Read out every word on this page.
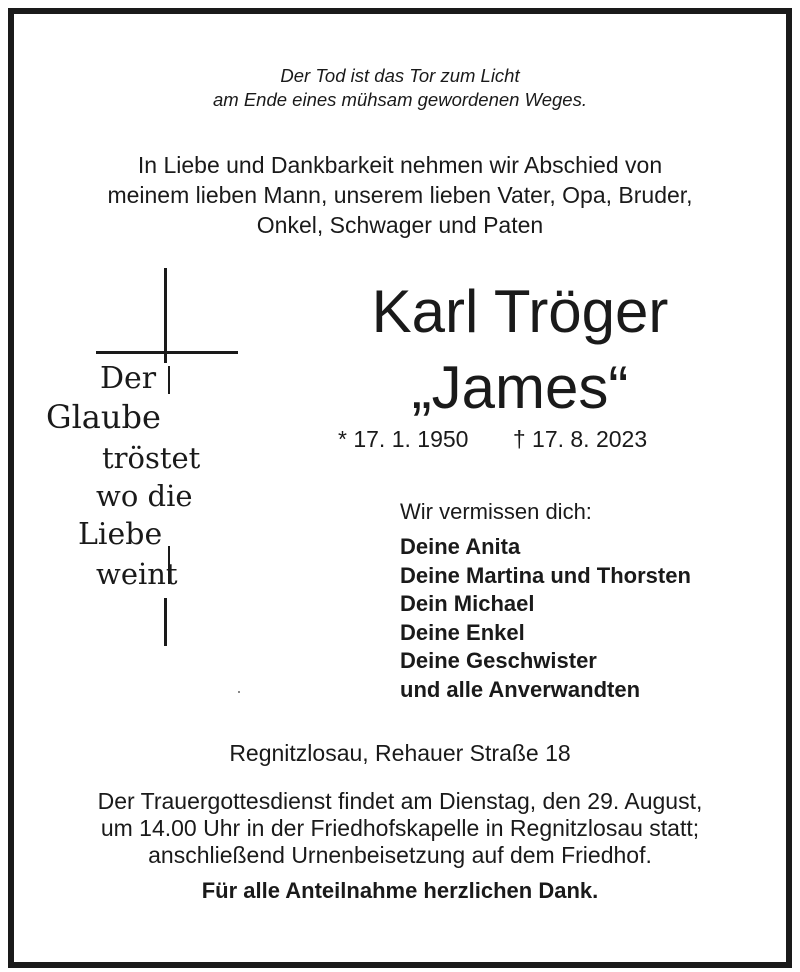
Der Tod ist das Tor zum Licht
am Ende eines mühsam gewordenen Weges.
In Liebe und Dankbarkeit nehmen wir Abschied von
meinem lieben Mann, unserem lieben Vater, Opa, Bruder,
Onkel, Schwager und Paten
Der
Glaube
tröstet
wo die
Liebe
weint
Karl Tröger
„James“
* 17. 1. 1950 † 17. 8. 2023
Wir vermissen dich:
Deine Anita
Deine Martina und Thorsten
Dein Michael
Deine Enkel
Deine Geschwister
und alle Anverwandten
Regnitzlosau, Rehauer Straße 18
Der Trauergottesdienst findet am Dienstag, den 29. August,
um 14.00 Uhr in der Friedhofskapelle in Regnitzlosau statt;
anschließend Urnenbeisetzung auf dem Friedhof.
Für alle Anteilnahme herzlichen Dank.
